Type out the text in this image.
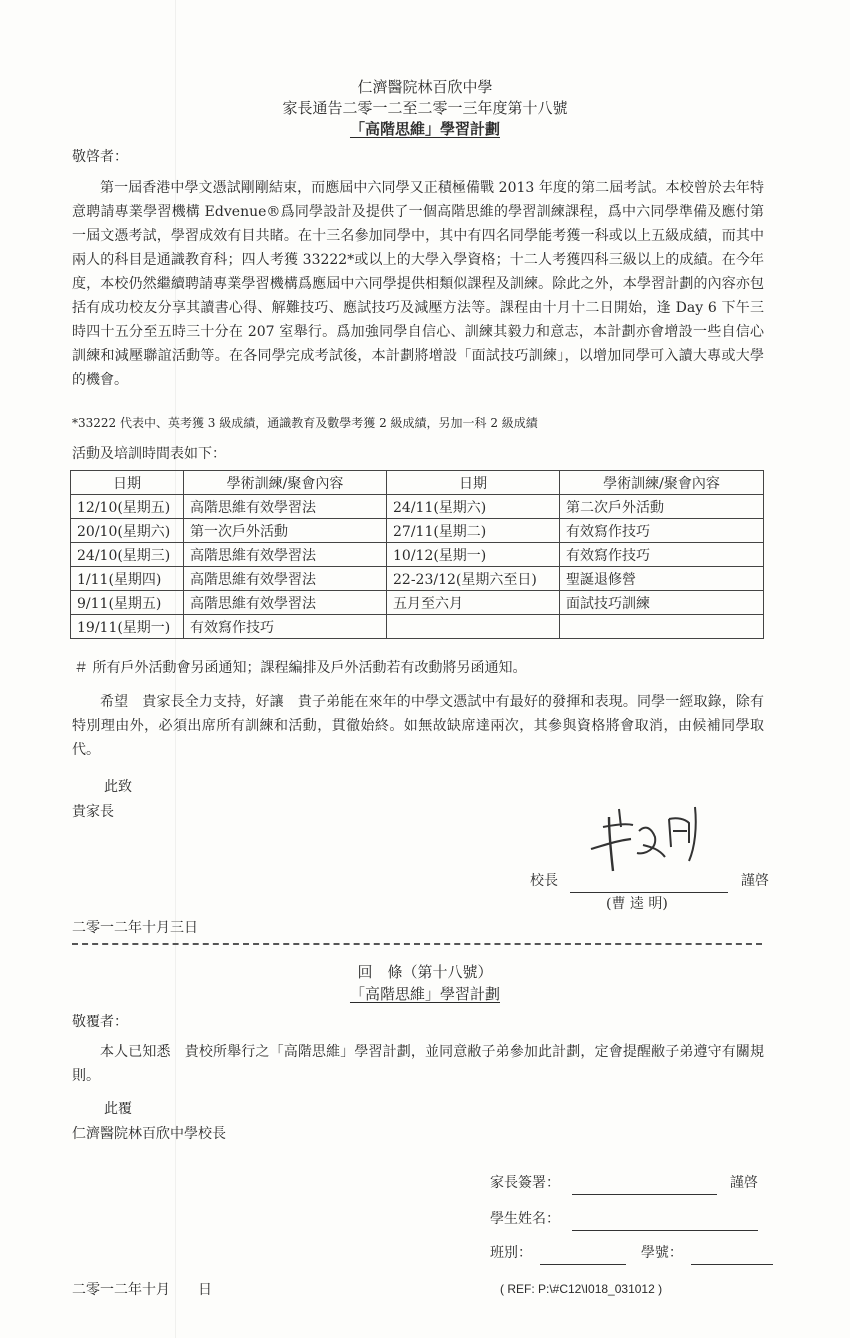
仁濟醫院林百欣中學
家長通告二零一二至二零一三年度第十八號
「高階思維」學習計劃
敬啓者：
第一屆香港中學文憑試剛剛結束，而應屆中六同學又正積極備戰 2013 年度的第二屆考試。本校曾於去年特意聘請專業學習機構 Edvenue®爲同學設計及提供了一個高階思維的學習訓練課程，爲中六同學準備及應付第一屆文憑考試，學習成效有目共睹。在十三名參加同學中，其中有四名同學能考獲一科或以上五級成績，而其中兩人的科目是通識教育科；四人考獲 33222*或以上的大學入學資格；十二人考獲四科三級以上的成績。在今年度，本校仍然繼續聘請專業學習機構爲應屆中六同學提供相類似課程及訓練。除此之外，本學習計劃的內容亦包括有成功校友分享其讀書心得、解難技巧、應試技巧及減壓方法等。課程由十月十二日開始，逢 Day 6 下午三時四十五分至五時三十分在 207 室舉行。爲加強同學自信心、訓練其毅力和意志，本計劃亦會增設一些自信心訓練和減壓聯誼活動等。在各同學完成考試後，本計劃將增設「面試技巧訓練」，以增加同學可入讀大專或大學的機會。
*33222 代表中、英考獲 3 級成績，通識教育及數學考獲 2 級成績，另加一科 2 級成績
活動及培訓時間表如下：
日期	學術訓練/聚會內容	日期	學術訓練/聚會內容
12/10(星期五)	高階思維有效學習法	24/11(星期六)	第二次戶外活動
20/10(星期六)	第一次戶外活動	27/11(星期二)	有效寫作技巧
24/10(星期三)	高階思維有效學習法	10/12(星期一)	有效寫作技巧
1/11(星期四)	高階思維有效學習法	22-23/12(星期六至日)	聖誕退修營
9/11(星期五)	高階思維有效學習法	五月至六月	面試技巧訓練
19/11(星期一)	有效寫作技巧		
＃ 所有戶外活動會另函通知；課程編排及戶外活動若有改動將另函通知。
希望　貴家長全力支持，好讓　貴子弟能在來年的中學文憑試中有最好的發揮和表現。同學一經取錄，除有特別理由外，必須出席所有訓練和活動，貫徹始終。如無故缺席達兩次，其參與資格將會取消，由候補同學取代。
此致
貴家長
校長	謹啓
(曹 逵 明)
二零一二年十月三日
回　條（第十八號）
「高階思維」學習計劃
敬覆者：
本人已知悉　貴校所舉行之「高階思維」學習計劃，並同意敝子弟參加此計劃，定會提醒敝子弟遵守有關規則。
此覆
仁濟醫院林百欣中學校長
家長簽署：	謹啓
學生姓名：
班別：	學號：
二零一二年十月　　日	( REF: P:\#C12\I018_031012 )
